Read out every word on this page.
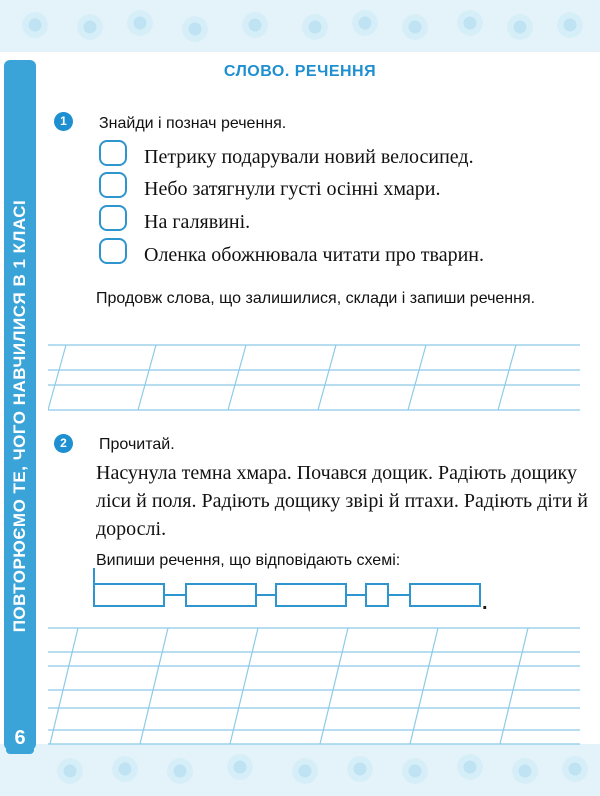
ПОВТОРЮЄМО ТЕ, ЧОГО НАВЧИЛИСЯ В 1 КЛАСІ
6
СЛОВО. РЕЧЕННЯ
1	Знайди і познач речення.
Петрику подарували новий велосипед.
Небо затягнули густі осінні хмари.
На галявині.
Оленка обожнювала читати про тварин.
Продовж слова, що залишилися, склади і запиши речення.
2	Прочитай.
Насунула темна хмара. Почався дощик. Радіють дощику ліси й поля. Радіють дощику звірі й птахи. Радіють діти й дорослі.
Випиши речення, що відповідають схемі:
.
